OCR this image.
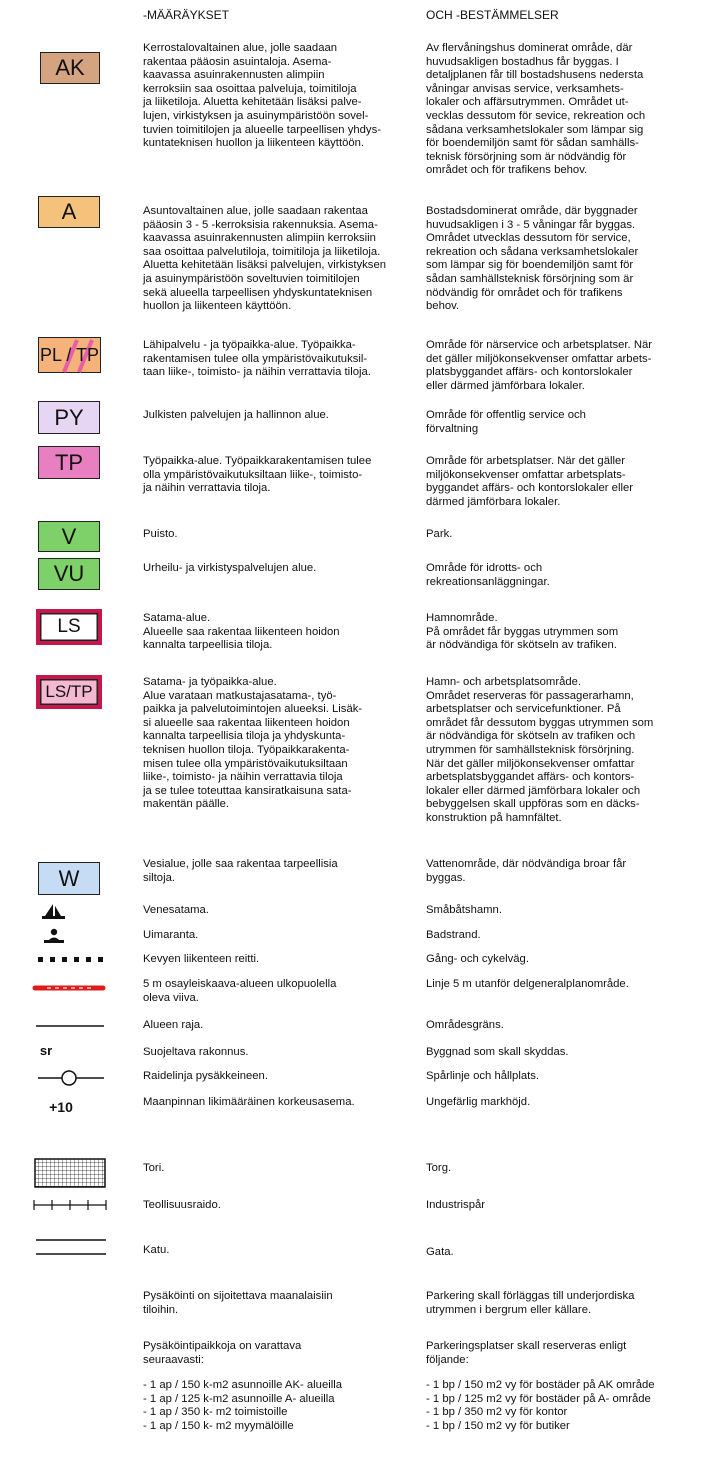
-MÄÄRÄYKSET	OCH -BESTÄMMELSER
AK
A
PL / TP
PY
TP
V
VU
LS
LS/TP
W
sr
+10
Kerrostalovaltainen alue, jolle saadaan
rakentaa pääosin asuintaloja. Asema-
kaavassa asuinrakennusten alimpiin
kerroksiin saa osoittaa palveluja, toimitiloja
ja liiketiloja. Aluetta kehitetään lisäksi palve-
lujen, virkistyksen ja asuinympäristöön sovel-
tuvien toimitilojen ja alueelle tarpeellisen yhdys-
kuntateknisen huollon ja liikenteen käyttöön.
Asuntovaltainen alue, jolle saadaan rakentaa
pääosin 3 - 5 -kerroksisia rakennuksia. Asema-
kaavassa asuinrakennusten alimpiin kerroksiin
saa osoittaa palvelutiloja, toimitiloja ja liiketiloja.
Aluetta kehitetään lisäksi palvelujen, virkistyksen
ja asuinympäristöön soveltuvien toimitilojen
sekä alueella tarpeellisen yhdyskuntateknisen
huollon ja liikenteen käyttöön.
Lähipalvelu - ja työpaikka-alue. Työpaikka-
rakentamisen tulee olla ympäristövaikutuksil-
taan liike-, toimisto- ja näihin verrattavia tiloja.
Julkisten palvelujen ja hallinnon alue.
Työpaikka-alue. Työpaikkarakentamisen tulee
olla ympäristövaikutuksiltaan liike-, toimisto-
ja näihin verrattavia tiloja.
Puisto.
Urheilu- ja virkistyspalvelujen alue.
Satama-alue.
Alueelle saa rakentaa liikenteen hoidon
kannalta tarpeellisia tiloja.
Satama- ja työpaikka-alue.
Alue varataan matkustajasatama-, työ-
paikka ja palvelutoimintojen alueeksi. Lisäk-
si alueelle saa rakentaa liikenteen hoidon
kannalta tarpeellisia tiloja ja yhdyskunta-
teknisen huollon tiloja. Työpaikkarakenta-
misen tulee olla ympäristövaikutuksiltaan
liike-, toimisto- ja näihin verrattavia tiloja
ja se tulee toteuttaa kansiratkaisuna sata-
makentän päälle.
Vesialue, jolle saa rakentaa tarpeellisia
siltoja.
Venesatama.
Uimaranta.
Kevyen liikenteen reitti.
5 m osayleiskaava-alueen ulkopuolella
oleva viiva.
Alueen raja.
Suojeltava rakonnus.
Raidelinja pysäkkeineen.
Maanpinnan likimääräinen korkeusasema.
Tori.
Teollisuusraido.
Katu.
Pysäköinti on sijoitettava maanalaisiin
tiloihin.
Pysäköintipaikkoja on varattava
seuraavasti:
- 1 ap / 150 k-m2 asunnoille AK- alueilla
- 1 ap / 125 k-m2 asunnoille A- alueilla
- 1 ap / 350 k- m2 toimistoille
- 1 ap / 150 k- m2 myymälöille
Av flervåningshus dominerat område, där
huvudsakligen bostadhus får byggas. I
detaljplanen får till bostadshusens nedersta
våningar anvisas service, verksamhets-
lokaler och affärsutrymmen. Området ut-
vecklas dessutom för sevice, rekreation och
sådana verksamhetslokaler som lämpar sig
för boendemiljön samt för sådan samhälls-
teknisk försörjning som är nödvändig för
området och för trafikens behov.
Bostadsdominerat område, där byggnader
huvudsakligen i 3 - 5 våningar får byggas.
Området utvecklas dessutom för service,
rekreation och sådana verksamhetslokaler
som lämpar sig för boendemiljön samt för
sådan samhällsteknisk försörjning som är
nödvändig för området och för trafikens
behov.
Område för närservice och arbetsplatser. När
det gäller miljökonsekvenser omfattar arbets-
platsbyggandet affärs- och kontorslokaler
eller därmed jämförbara lokaler.
Område för offentlig service och
förvaltning
Område för arbetsplatser. När det gäller
miljökonsekvenser omfattar arbetsplats-
byggandet affärs- och kontorslokaler eller
därmed jämförbara lokaler.
Park.
Område för idrotts- och
rekreationsanläggningar.
Hamnområde.
På området får byggas utrymmen som
är nödvändiga för skötseln av trafiken.
Hamn- och arbetsplatsområde.
Området reserveras för passagerarhamn,
arbetsplatser och servicefunktioner. På
området får dessutom byggas utrymmen som
är nödvändiga för skötseln av trafiken och
utrymmen för samhällsteknisk försörjning.
När det gäller miljökonsekvenser omfattar
arbetsplatsbyggandet affärs- och kontors-
lokaler eller därmed jämförbara lokaler och
bebyggelsen skall uppföras som en däcks-
konstruktion på hamnfältet.
Vattenområde, där nödvändiga broar får
byggas.
Småbåtshamn.
Badstrand.
Gång- och cykelväg.
Linje 5 m utanför delgeneralplanområde.
Områdesgräns.
Byggnad som skall skyddas.
Spårlinje och hållplats.
Ungefärlig markhöjd.
Torg.
Industrispår
Gata.
Parkering skall förläggas till underjordiska
utrymmen i bergrum eller källare.
Parkeringsplatser skall reserveras enligt
följande:
- 1 bp / 150 m2 vy för bostäder på AK område
- 1 bp / 125 m2 vy för bostäder på A- område
- 1 bp / 350 m2 vy för kontor
- 1 bp / 150 m2 vy för butiker
